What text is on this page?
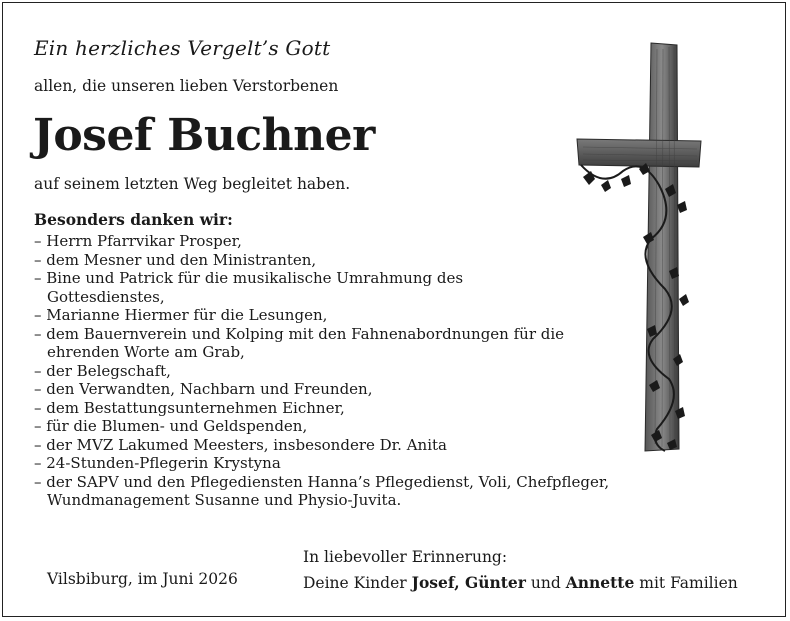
Ein herzliches Vergelt’s Gott
allen, die unseren lieben Verstorbenen
Josef Buchner
auf seinem letzten Weg begleitet haben.
Besonders danken wir:
– Herrn Pfarrvikar Prosper,
– dem Mesner und den Ministranten,
– Bine und Patrick für die musikalische Umrahmung des Gottesdienstes,
– Marianne Hiermer für die Lesungen,
– dem Bauernverein und Kolping mit den Fahnenabordnungen für die ehrenden Worte am Grab,
– der Belegschaft,
– den Verwandten, Nachbarn und Freunden,
– dem Bestattungsunternehmen Eichner,
– für die Blumen- und Geldspenden,
– der MVZ Lakumed Meesters, insbesondere Dr. Anita
– 24-Stunden-Pflegerin Krystyna
– der SAPV und den Pflegediensten Hanna’s Pflegedienst, Voli, Chefpfleger, Wundmanagement Susanne und Physio-Juvita.
Vilsbiburg, im Juni 2026
In liebevoller Erinnerung:
Deine Kinder Josef, Günter und Annette mit Familien
